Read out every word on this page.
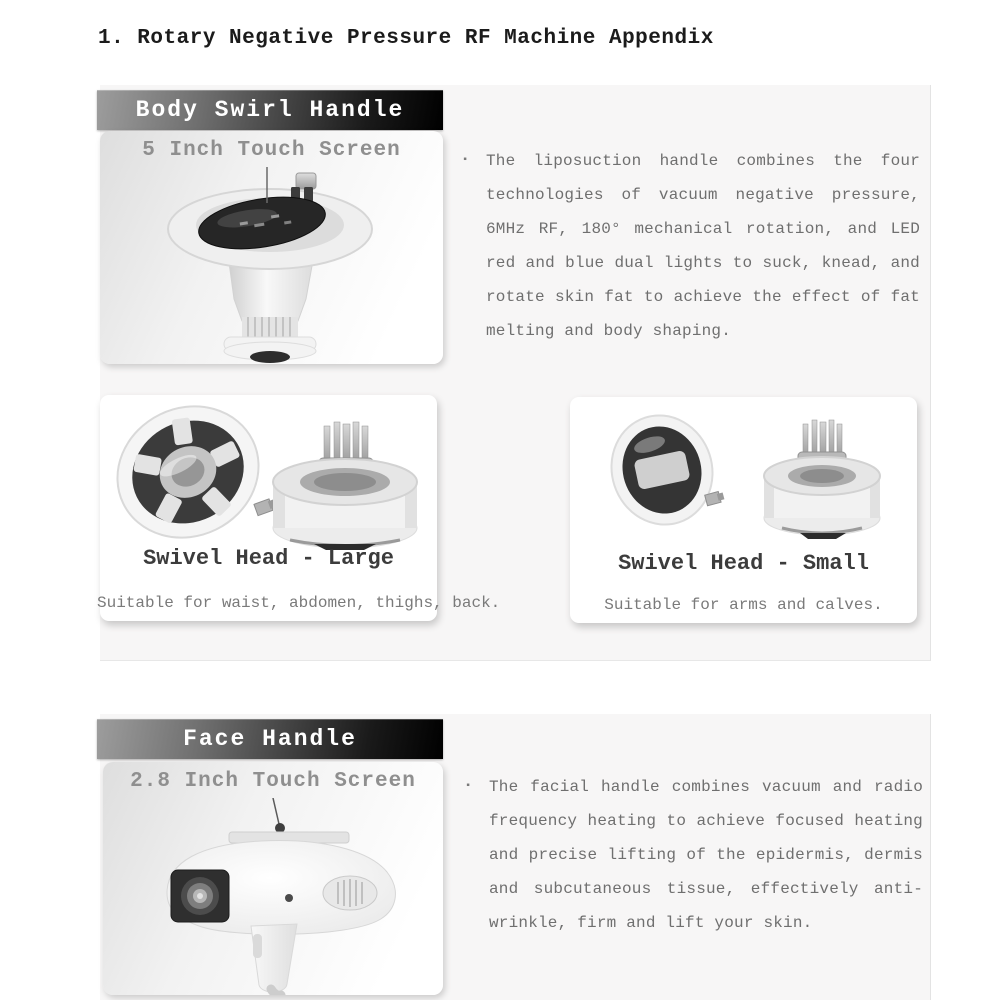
1. Rotary Negative Pressure RF Machine Appendix
Body Swirl Handle
5 Inch Touch Screen	▪	The liposuction handle combines the four technologies of vacuum negative pressure, 6MHz RF, 180° mechanical rotation, and LED red and blue dual lights to suck, knead, and rotate skin fat to achieve the effect of fat melting and body shaping.
Swivel Head - Large
Suitable for waist, abdomen, thighs, back.
Swivel Head - Small
Suitable for arms and calves.
Face Handle
2.8 Inch Touch Screen	▪	The facial handle combines vacuum and radio frequency heating to achieve focused heating and precise lifting of the epidermis, dermis and subcutaneous tissue, effectively anti-wrinkle, firm and lift your skin.
